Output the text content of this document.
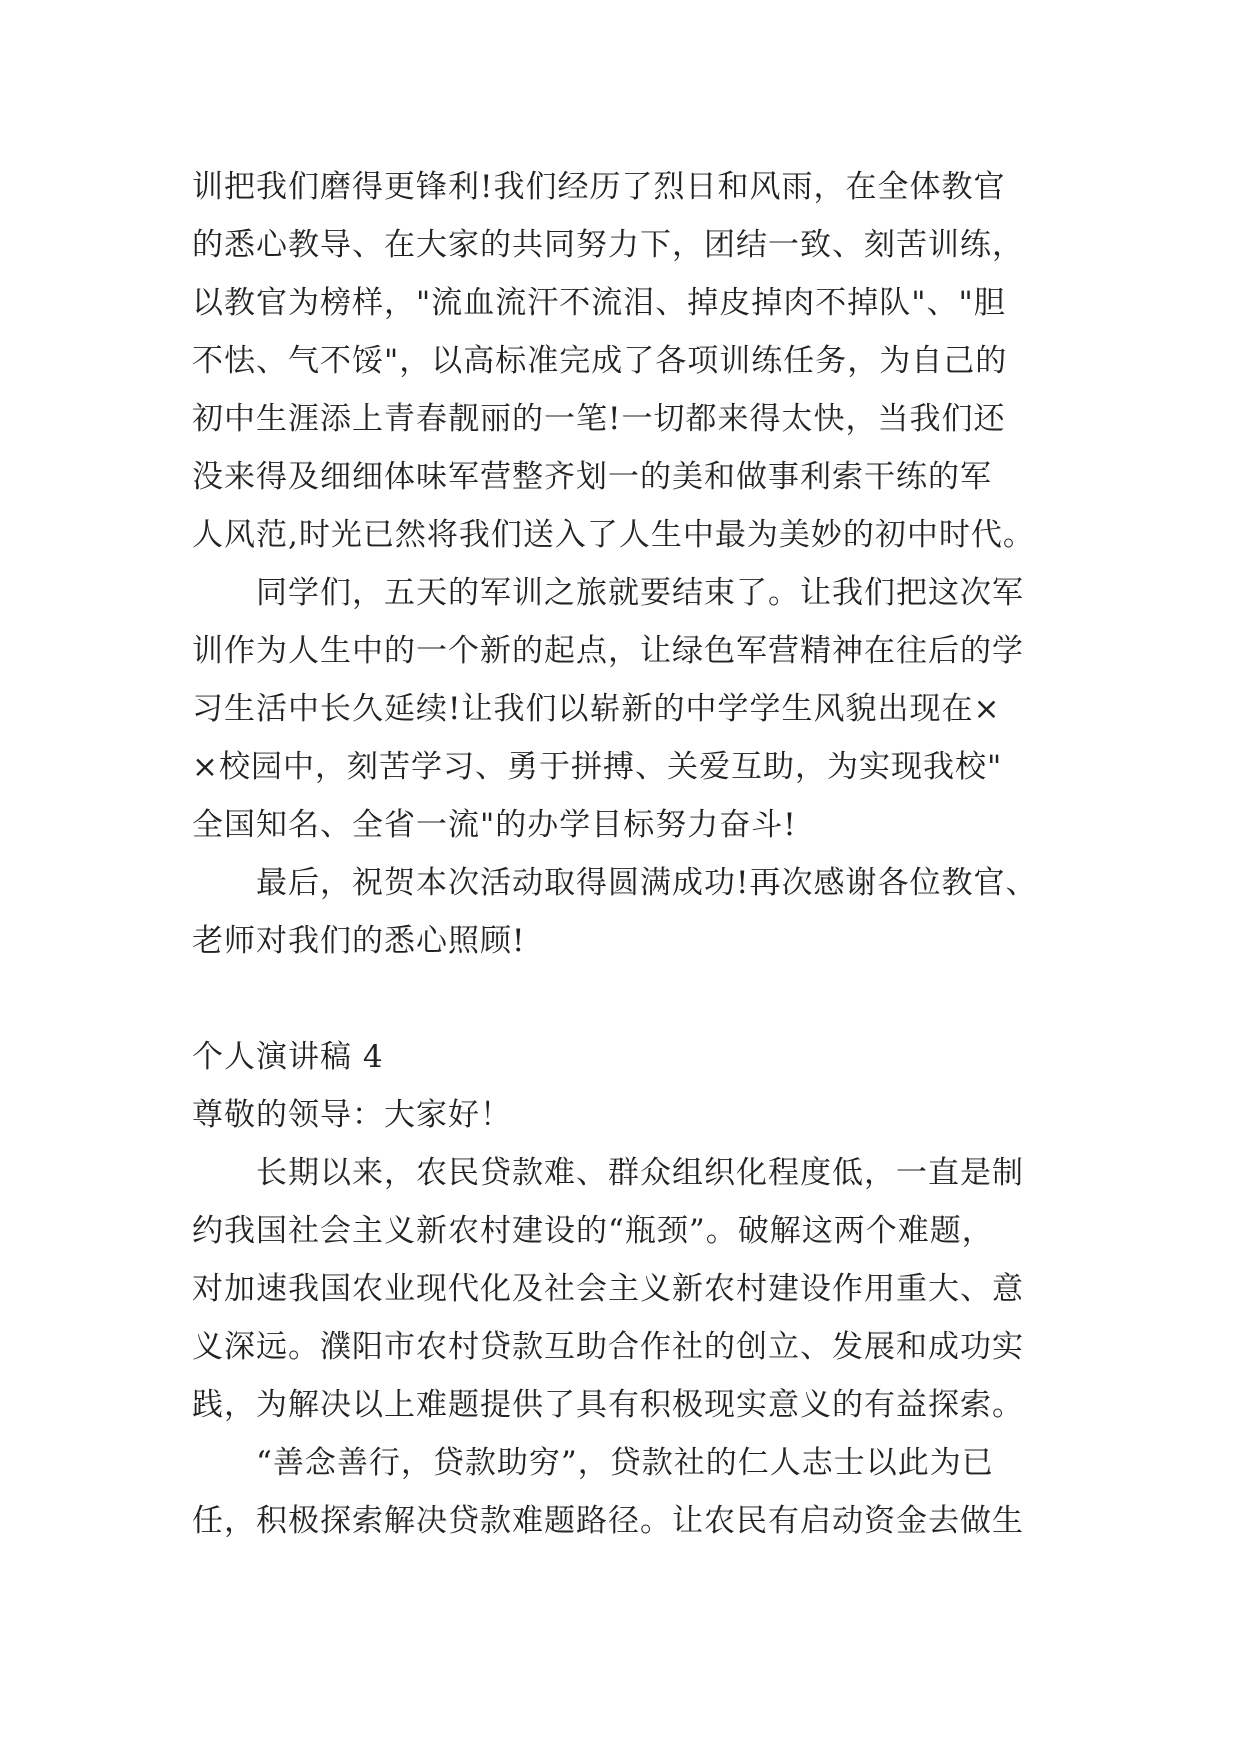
训把我们磨得更锋利!我们经历了烈日和风雨，在全体教官
的悉心教导、在大家的共同努力下，团结一致、刻苦训练，
以教官为榜样，"流血流汗不流泪、掉皮掉肉不掉队"、"胆
不怯、气不馁"，以高标准完成了各项训练任务，为自己的
初中生涯添上青春靓丽的一笔!一切都来得太快，当我们还
没来得及细细体味军营整齐划一的美和做事利索干练的军
人风范,时光已然将我们送入了人生中最为美妙的初中时代。
同学们，五天的军训之旅就要结束了。让我们把这次军
训作为人生中的一个新的起点，让绿色军营精神在往后的学
习生活中长久延续!让我们以崭新的中学学生风貌出现在×
×校园中，刻苦学习、勇于拼搏、关爱互助，为实现我校"
全国知名、全省一流"的办学目标努力奋斗!
最后，祝贺本次活动取得圆满成功!再次感谢各位教官、
老师对我们的悉心照顾!
个人演讲稿 4
尊敬的领导：大家好！
长期以来，农民贷款难、群众组织化程度低，一直是制
约我国社会主义新农村建设的“瓶颈”。破解这两个难题，
对加速我国农业现代化及社会主义新农村建设作用重大、意
义深远。濮阳市农村贷款互助合作社的创立、发展和成功实
践，为解决以上难题提供了具有积极现实意义的有益探索。
“善念善行，贷款助穷”，贷款社的仁人志士以此为已
任，积极探索解决贷款难题路径。让农民有启动资金去做生
